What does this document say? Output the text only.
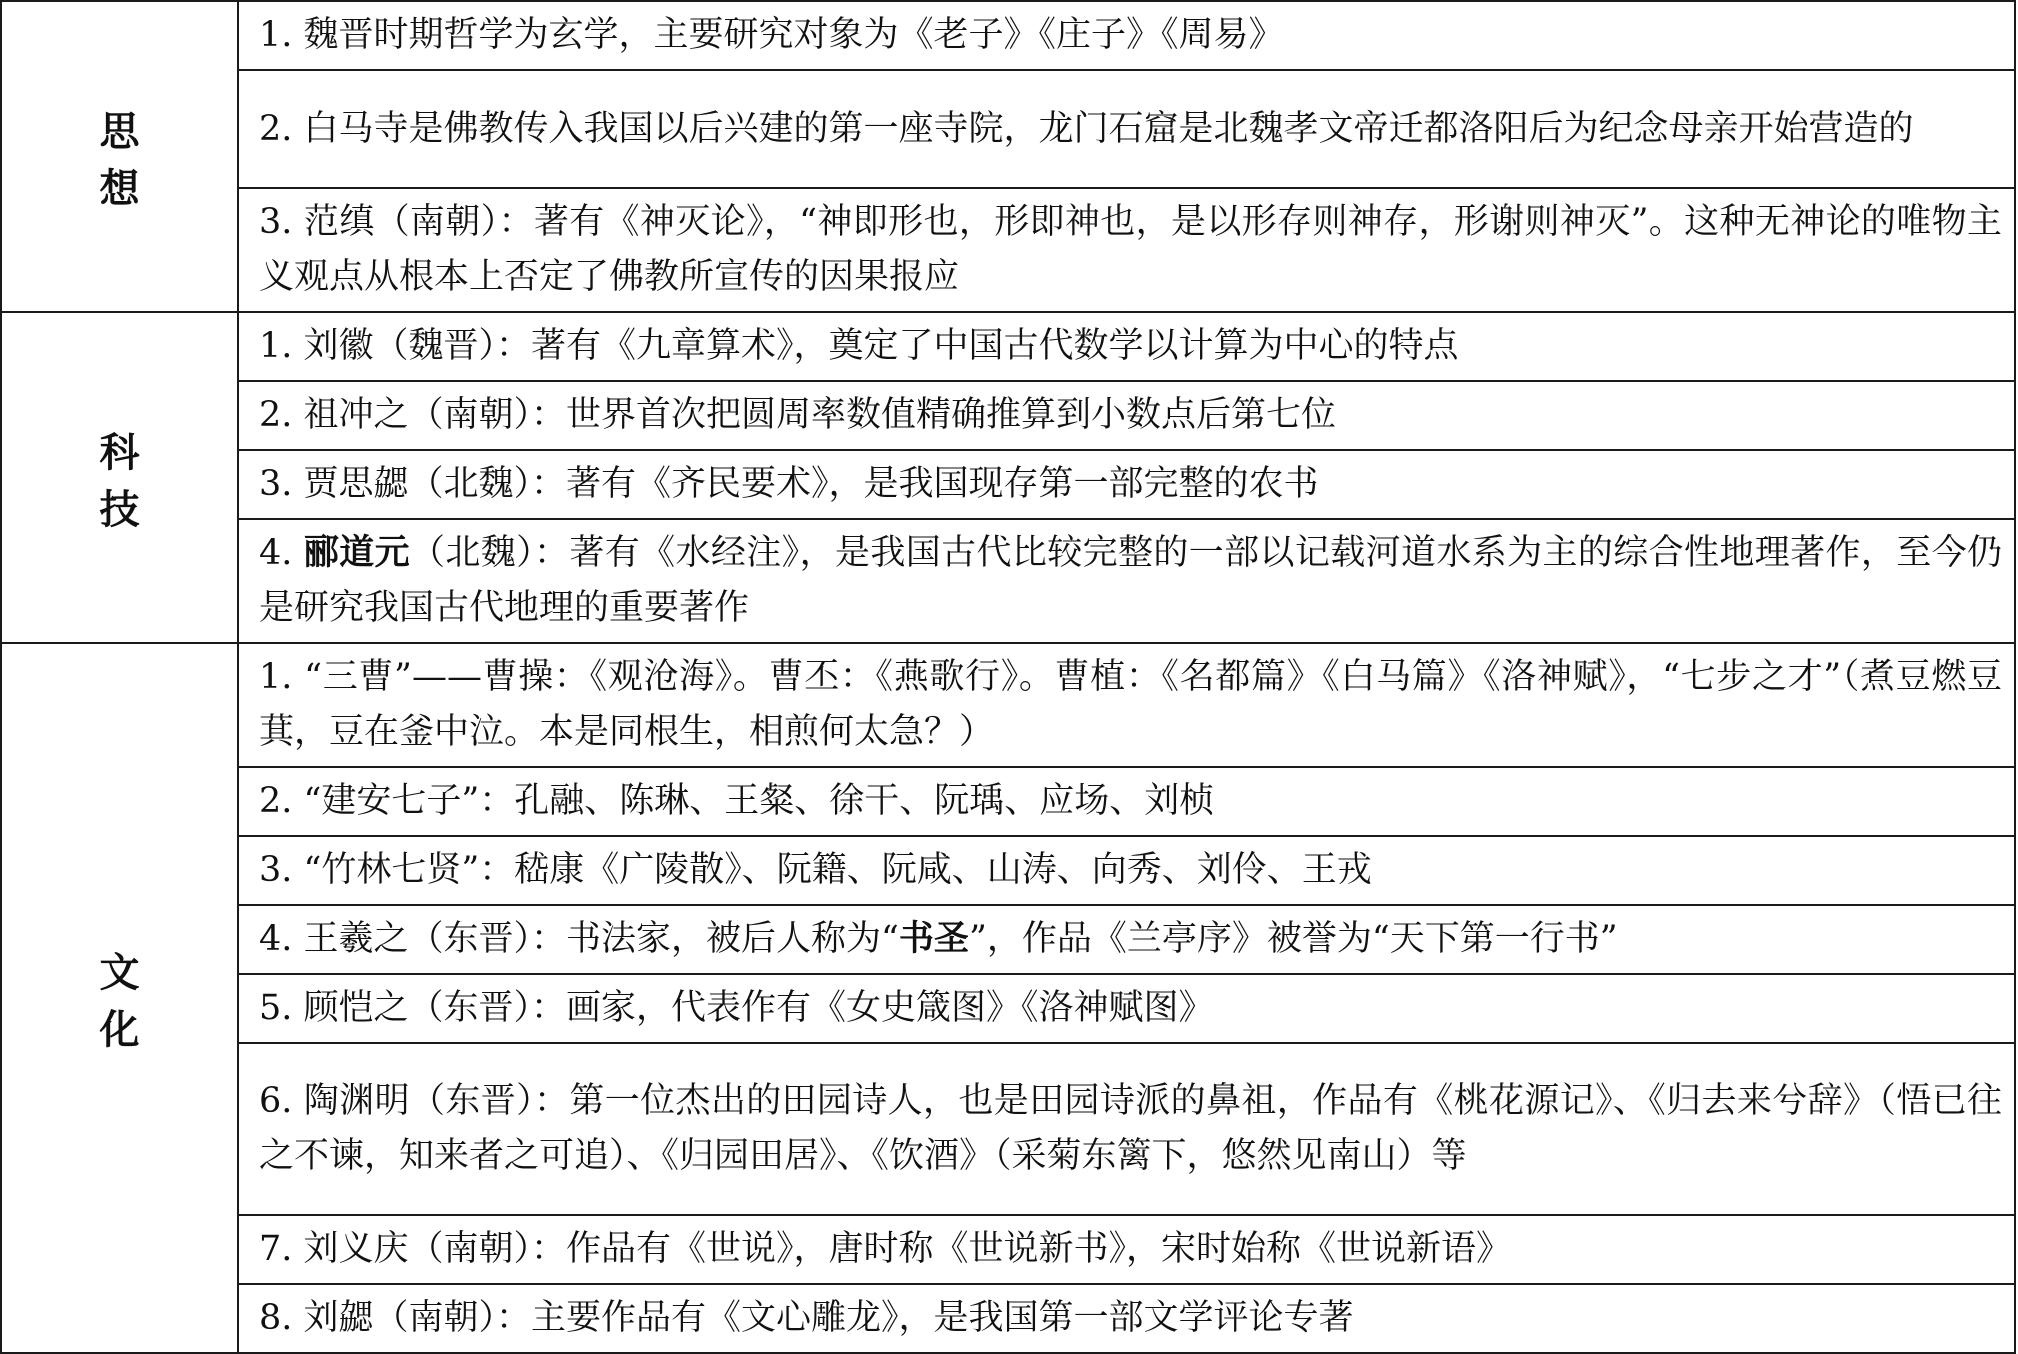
思　想	1. 魏晋时期哲学为玄学，主要研究对象为《老子》《庄子》《周易》
	2. 白马寺是佛教传入我国以后兴建的第一座寺院，龙门石窟是北魏孝文帝迁都洛阳后为纪念母亲开始营造的
	3. 范缜（南朝）：著有《神灭论》，“神即形也，形即神也，是以形存则神存，形谢则神灭”。这种无神论的唯物主义观点从根本上否定了佛教所宣传的因果报应
科　技	1. 刘徽（魏晋）：著有《九章算术》，奠定了中国古代数学以计算为中心的特点
	2. 祖冲之（南朝）：世界首次把圆周率数值精确推算到小数点后第七位
	3. 贾思勰（北魏）：著有《齐民要术》，是我国现存第一部完整的农书
	4. 郦道元（北魏）：著有《水经注》，是我国古代比较完整的一部以记载河道水系为主的综合性地理著作，至今仍是研究我国古代地理的重要著作
文　化	1. “三曹”——曹操：《观沧海》。曹丕：《燕歌行》。曹植：《名都篇》《白马篇》《洛神赋》，“七步之才”（煮豆燃豆萁，豆在釜中泣。本是同根生，相煎何太急？）
	2. “建安七子”：孔融、陈琳、王粲、徐干、阮瑀、应场、刘桢
	3. “竹林七贤”：嵇康《广陵散》、阮籍、阮咸、山涛、向秀、刘伶、王戎
	4. 王羲之（东晋）：书法家，被后人称为“书圣”，作品《兰亭序》被誉为“天下第一行书”
	5. 顾恺之（东晋）：画家，代表作有《女史箴图》《洛神赋图》
	6. 陶渊明（东晋）：第一位杰出的田园诗人，也是田园诗派的鼻祖，作品有《桃花源记》、《归去来兮辞》（悟已往之不谏，知来者之可追）、《归园田居》、《饮酒》（采菊东篱下，悠然见南山）等
	7. 刘义庆（南朝）：作品有《世说》，唐时称《世说新书》，宋时始称《世说新语》
	8. 刘勰（南朝）：主要作品有《文心雕龙》，是我国第一部文学评论专著
